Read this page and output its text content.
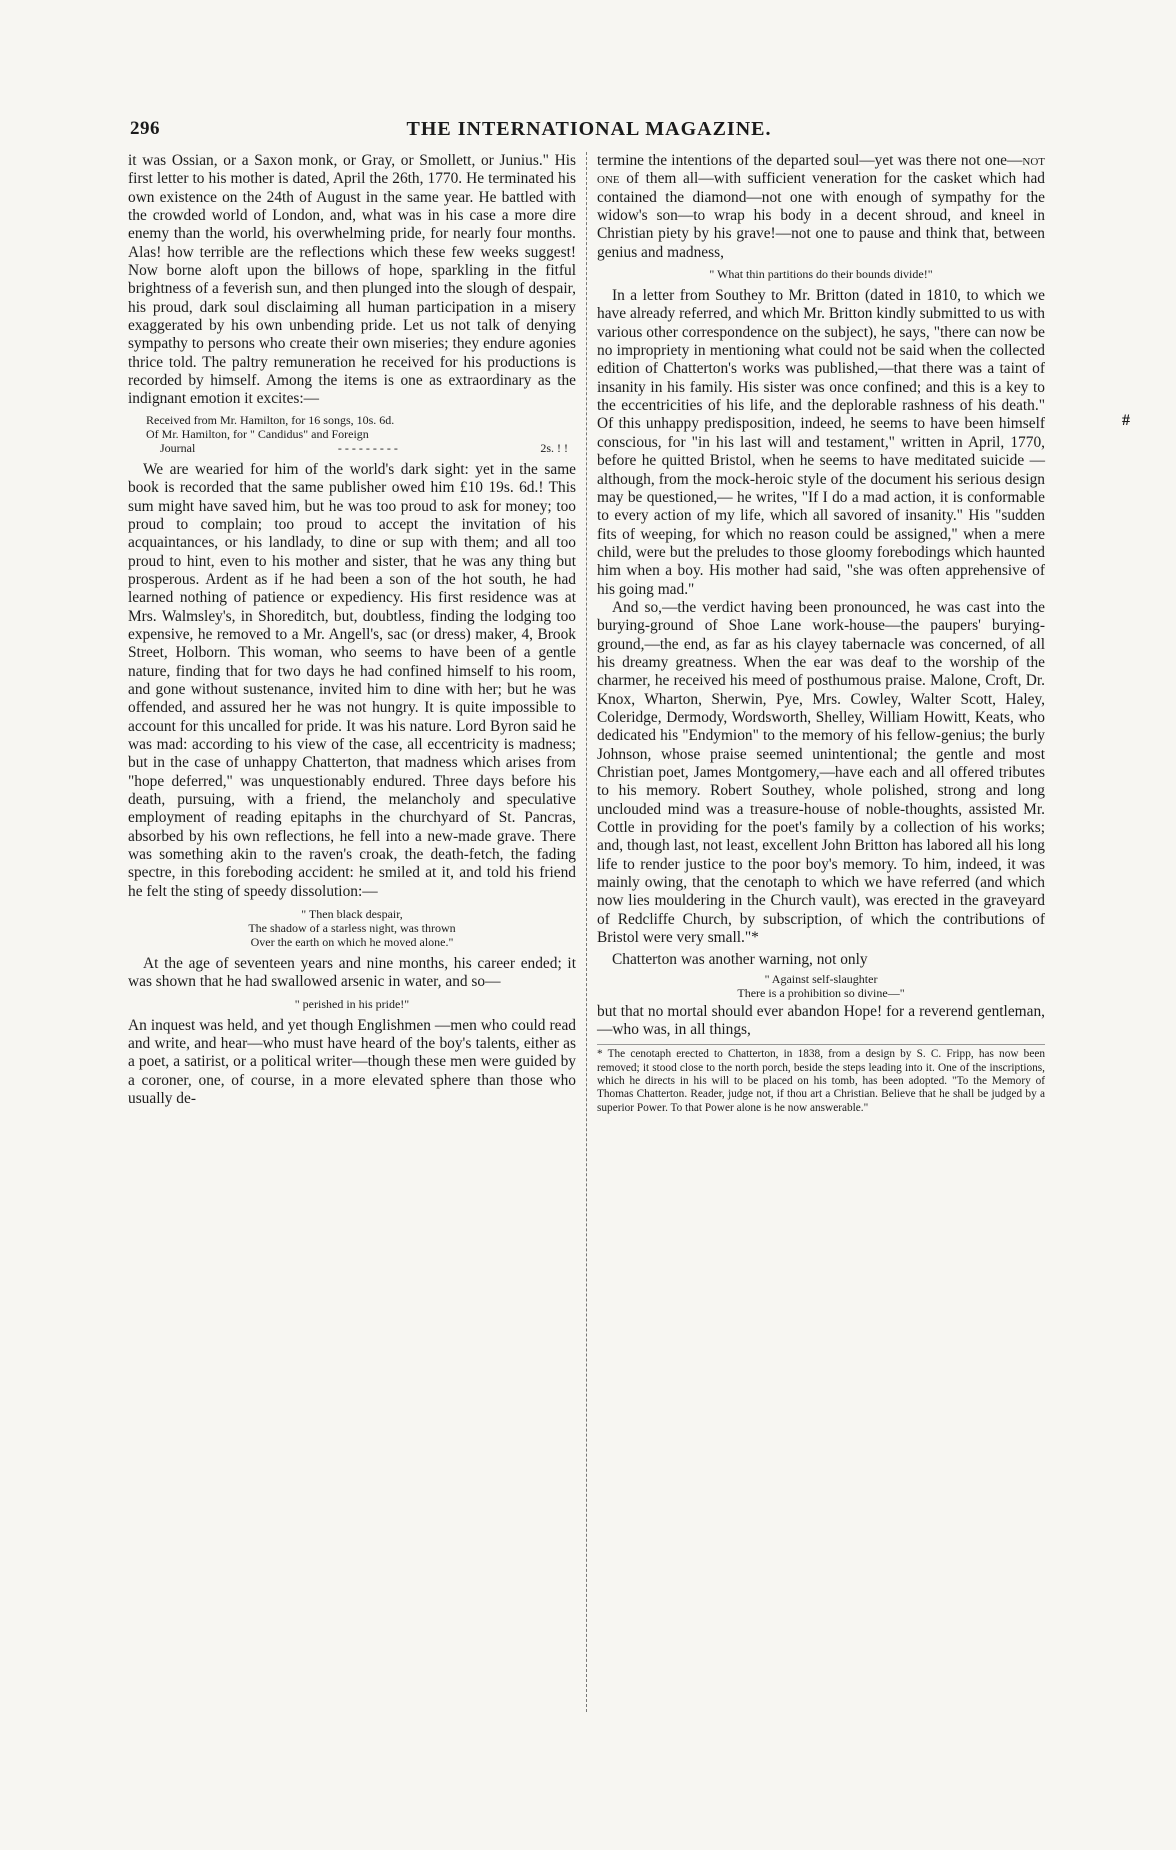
296	THE INTERNATIONAL MAGAZINE.

it was Ossian, or a Saxon monk, or Gray, or Smollett, or Junius." His first letter to his mother is dated, April the 26th, 1770. He terminated his own existence on the 24th of August in the same year. He battled with the crowded world of London, and, what was in his case a more dire enemy than the world, his overwhelming pride, for nearly four months. Alas! how terrible are the reflections which these few weeks suggest! Now borne aloft upon the billows of hope, sparkling in the fitful brightness of a feverish sun, and then plunged into the slough of despair, his proud, dark soul disclaiming all human participation in a misery exaggerated by his own unbending pride. Let us not talk of denying sympathy to persons who create their own miseries; they endure agonies thrice told. The paltry remuneration he received for his productions is recorded by himself. Among the items is one as extraordinary as the indignant emotion it excites:—

Received from Mr. Hamilton, for 16 songs, 10s. 6d.
Of Mr. Hamilton, for " Candidus" and Foreign
Journal	- - - - - - - - -	2s. ! !

We are wearied for him of the world's dark sight: yet in the same book is recorded that the same publisher owed him £10 19s. 6d.! This sum might have saved him, but he was too proud to ask for money; too proud to complain; too proud to accept the invitation of his acquaintances, or his landlady, to dine or sup with them; and all too proud to hint, even to his mother and sister, that he was any thing but prosperous. Ardent as if he had been a son of the hot south, he had learned nothing of patience or expediency. His first residence was at Mrs. Walmsley's, in Shoreditch, but, doubtless, finding the lodging too expensive, he removed to a Mr. Angell's, sac (or dress) maker, 4, Brook Street, Holborn. This woman, who seems to have been of a gentle nature, finding that for two days he had confined himself to his room, and gone without sustenance, invited him to dine with her; but he was offended, and assured her he was not hungry. It is quite impossible to account for this uncalled for pride. It was his nature. Lord Byron said he was mad: according to his view of the case, all eccentricity is madness; but in the case of unhappy Chatterton, that madness which arises from "hope deferred," was unquestionably endured. Three days before his death, pursuing, with a friend, the melancholy and speculative employment of reading epitaphs in the churchyard of St. Pancras, absorbed by his own reflections, he fell into a new-made grave. There was something akin to the raven's croak, the death-fetch, the fading spectre, in this foreboding accident: he smiled at it, and told his friend he felt the sting of speedy dissolution:—

" Then black despair,
The shadow of a starless night, was thrown
Over the earth on which he moved alone."

At the age of seventeen years and nine months, his career ended; it was shown that he had swallowed arsenic in water, and so—

" perished in his pride!"

An inquest was held, and yet though Englishmen —men who could read and write, and hear—who must have heard of the boy's talents, either as a poet, a satirist, or a political writer—though these men were guided by a coroner, one, of course, in a more elevated sphere than those who usually de-

termine the intentions of the departed soul—yet was there not one—not one of them all—with sufficient veneration for the casket which had contained the diamond—not one with enough of sympathy for the widow's son—to wrap his body in a decent shroud, and kneel in Christian piety by his grave!—not one to pause and think that, between genius and madness,

" What thin partitions do their bounds divide!"

In a letter from Southey to Mr. Britton (dated in 1810, to which we have already referred, and which Mr. Britton kindly submitted to us with various other correspondence on the subject), he says, "there can now be no impropriety in mentioning what could not be said when the collected edition of Chatterton's works was published,—that there was a taint of insanity in his family. His sister was once confined; and this is a key to the eccentricities of his life, and the deplorable rashness of his death." Of this unhappy predisposition, indeed, he seems to have been himself conscious, for "in his last will and testament," written in April, 1770, before he quitted Bristol, when he seems to have meditated suicide —although, from the mock-heroic style of the document his serious design may be questioned,— he writes, "If I do a mad action, it is conformable to every action of my life, which all savored of insanity." His "sudden fits of weeping, for which no reason could be assigned," when a mere child, were but the preludes to those gloomy forebodings which haunted him when a boy. His mother had said, "she was often apprehensive of his going mad."

And so,—the verdict having been pronounced, he was cast into the burying-ground of Shoe Lane work-house—the paupers' burying-ground,—the end, as far as his clayey tabernacle was concerned, of all his dreamy greatness. When the ear was deaf to the worship of the charmer, he received his meed of posthumous praise. Malone, Croft, Dr. Knox, Wharton, Sherwin, Pye, Mrs. Cowley, Walter Scott, Haley, Coleridge, Dermody, Wordsworth, Shelley, William Howitt, Keats, who dedicated his "Endymion" to the memory of his fellow-genius; the burly Johnson, whose praise seemed unintentional; the gentle and most Christian poet, James Montgomery,—have each and all offered tributes to his memory. Robert Southey, whole polished, strong and long unclouded mind was a treasure-house of noble-thoughts, assisted Mr. Cottle in providing for the poet's family by a collection of his works; and, though last, not least, excellent John Britton has labored all his long life to render justice to the poor boy's memory. To him, indeed, it was mainly owing, that the cenotaph to which we have referred (and which now lies mouldering in the Church vault), was erected in the graveyard of Redcliffe Church, by subscription, of which the contributions of Bristol were very small."*

Chatterton was another warning, not only

" Against self-slaughter
There is a prohibition so divine—"

but that no mortal should ever abandon Hope! for a reverend gentleman,—who was, in all things,

* The cenotaph erected to Chatterton, in 1838, from a design by S. C. Fripp, has now been removed; it stood close to the north porch, beside the steps leading into it. One of the inscriptions, which he directs in his will to be placed on his tomb, has been adopted. "To the Memory of Thomas Chatterton. Reader, judge not, if thou art a Christian. Believe that he shall be judged by a superior Power. To that Power alone is he now answerable."
#
